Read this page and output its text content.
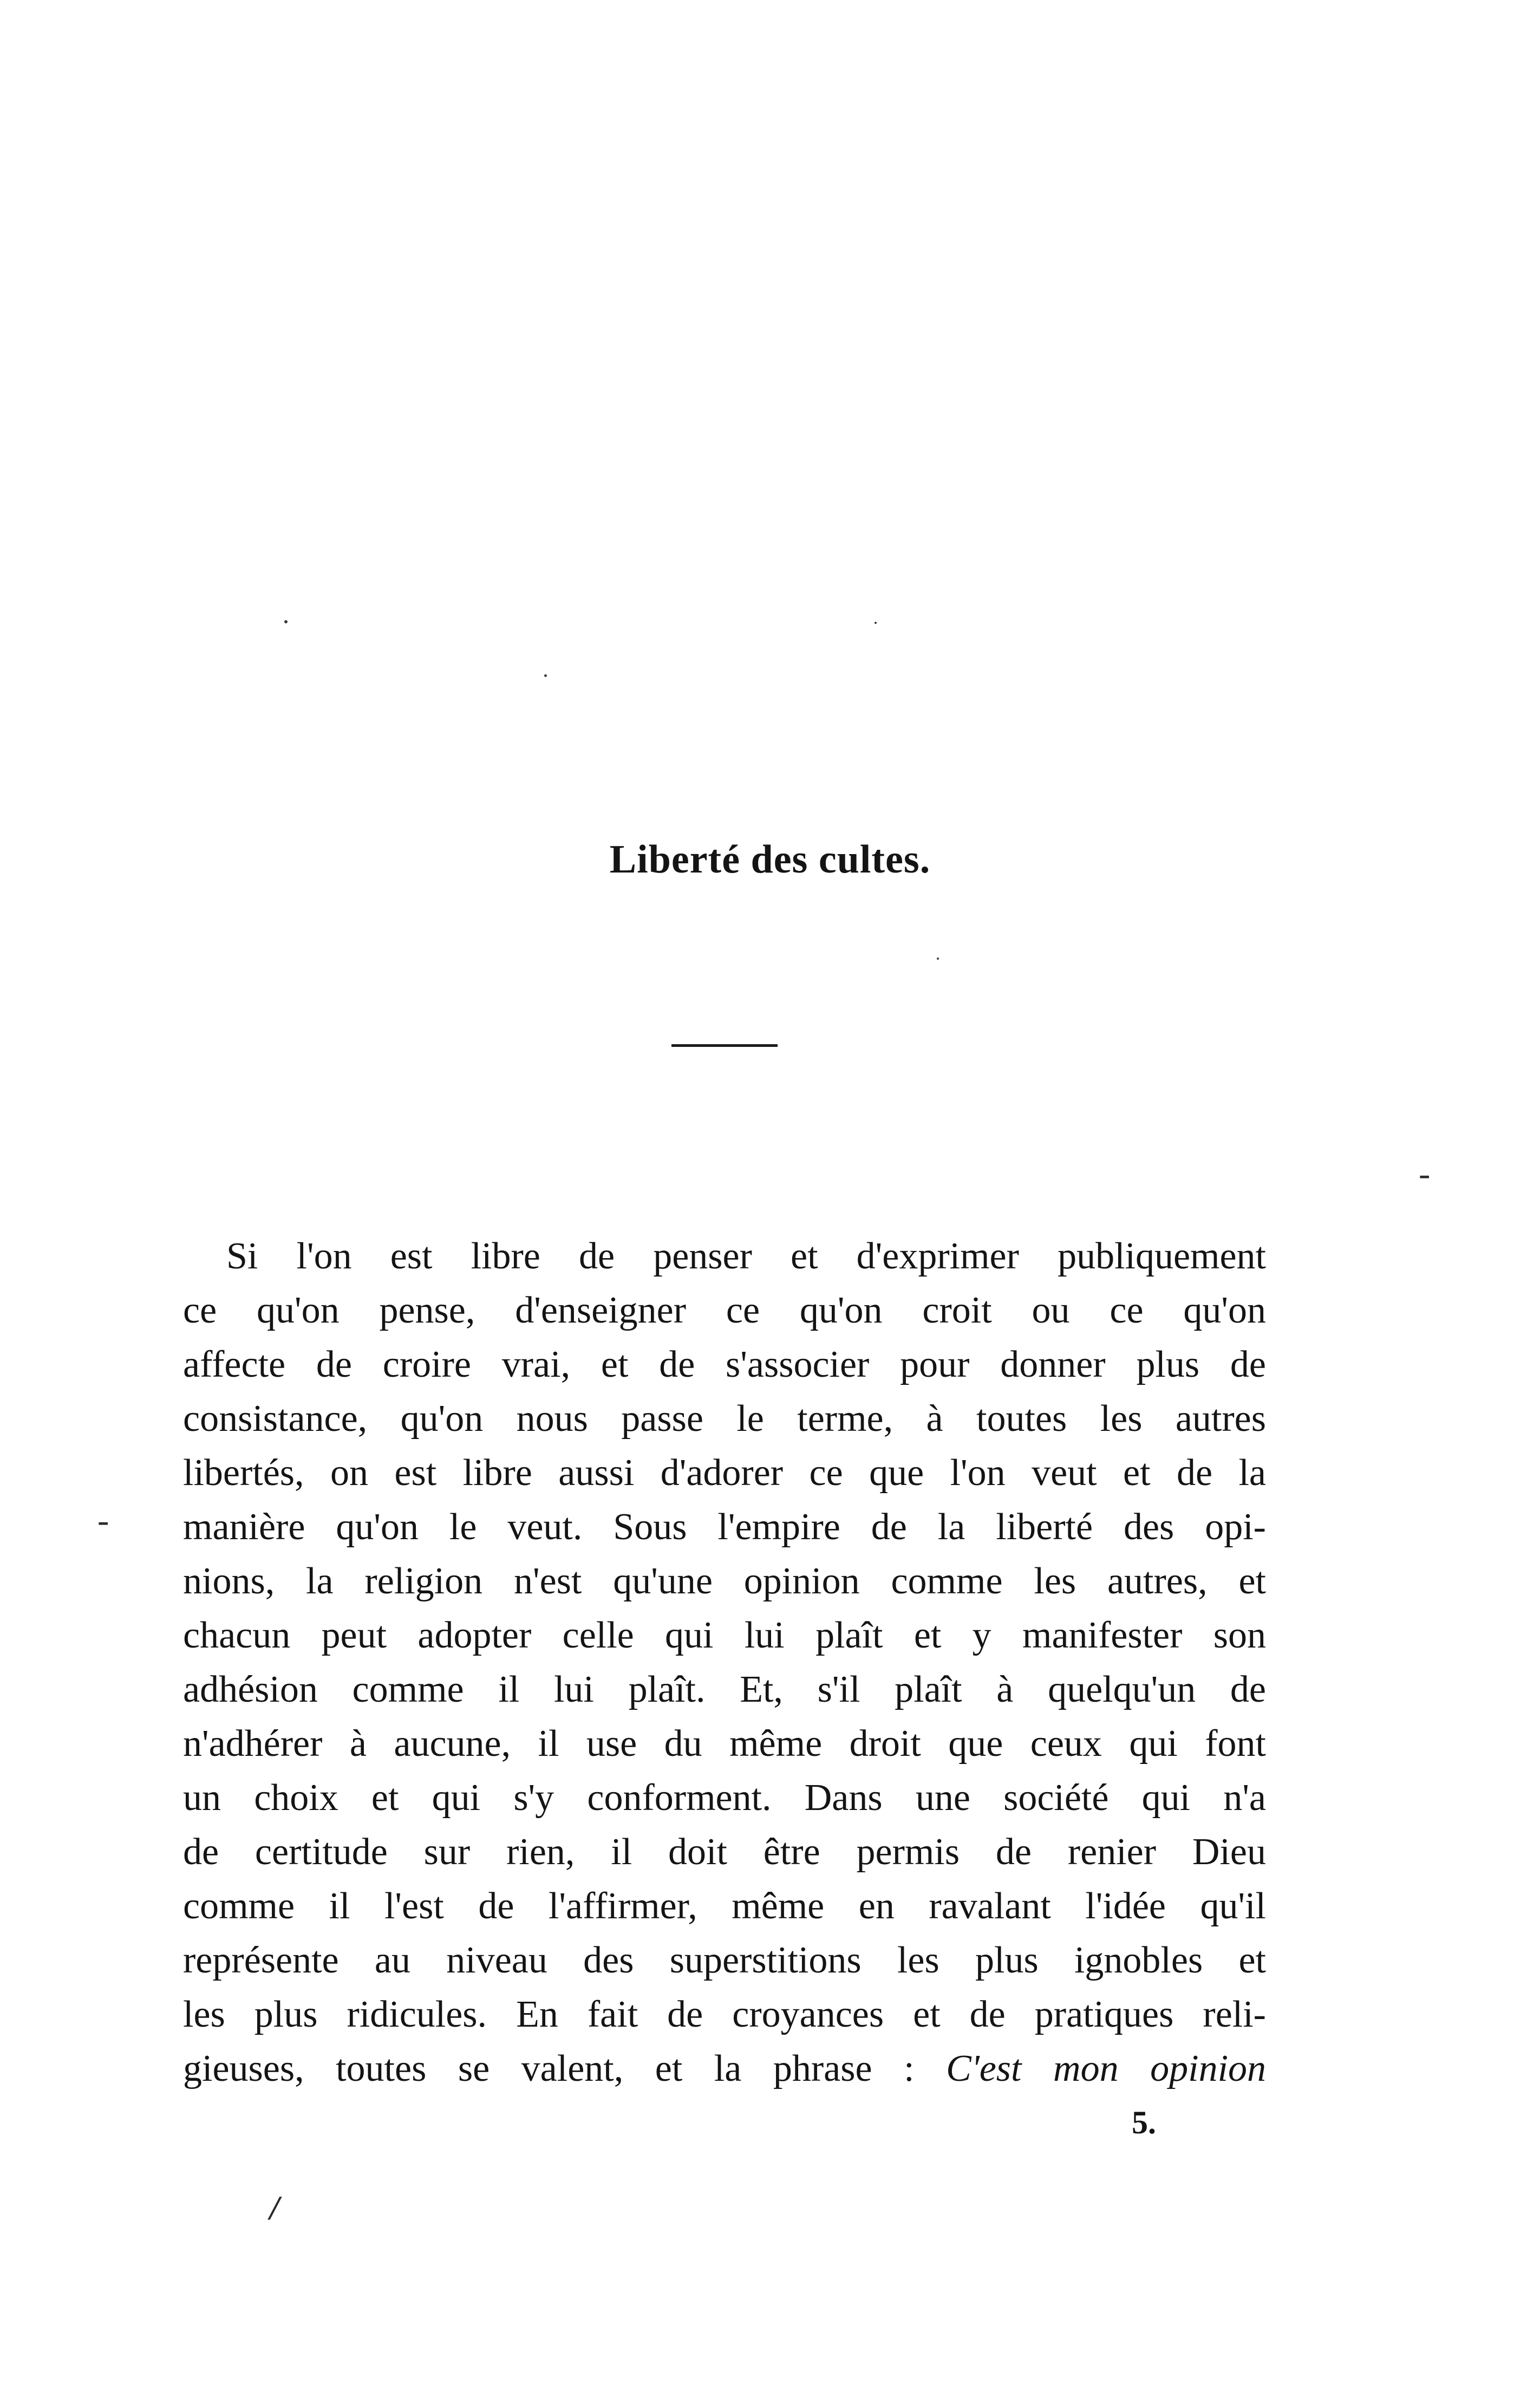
Liberté des cultes.
‑
-
/
Si l'on est libre de penser et d'exprimer publiquement
ce qu'on pense, d'enseigner ce qu'on croit ou ce qu'on
affecte de croire vrai, et de s'associer pour donner plus de
consistance, qu'on nous passe le terme, à toutes les autres
libertés, on est libre aussi d'adorer ce que l'on veut et de la
manière qu'on le veut. Sous l'empire de la liberté des opi-
nions, la religion n'est qu'une opinion comme les autres, et
chacun peut adopter celle qui lui plaît et y manifester son
adhésion comme il lui plaît. Et, s'il plaît à quelqu'un de
n'adhérer à aucune, il use du même droit que ceux qui font
un choix et qui s'y conforment. Dans une société qui n'a
de certitude sur rien, il doit être permis de renier Dieu
comme il l'est de l'affirmer, même en ravalant l'idée qu'il
représente au niveau des superstitions les plus ignobles et
les plus ridicules. En fait de croyances et de pratiques reli-
gieuses, toutes se valent, et la phrase : C'est mon opinion

5.
